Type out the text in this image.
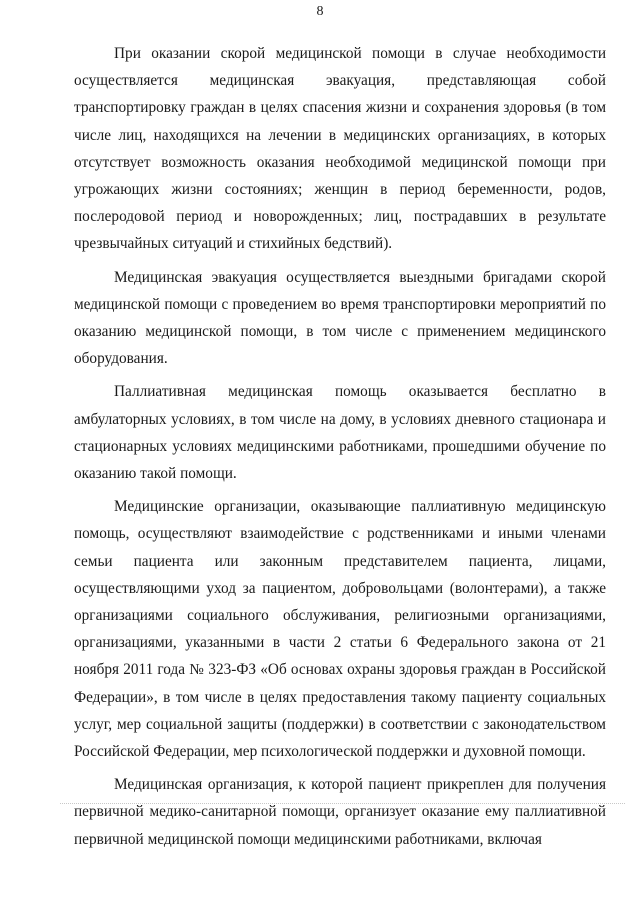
8

При оказании скорой медицинской помощи в случае необходимости осуществляется медицинская эвакуация, представляющая собой транспортировку граждан в целях спасения жизни и сохранения здоровья (в том числе лиц, находящихся на лечении в медицинских организациях, в которых отсутствует возможность оказания необходимой медицинской помощи при угрожающих жизни состояниях; женщин в период беременности, родов, послеродовой период и новорожденных; лиц, пострадавших в результате чрезвычайных ситуаций и стихийных бедствий).

Медицинская эвакуация осуществляется выездными бригадами скорой медицинской помощи с проведением во время транспортировки мероприятий по оказанию медицинской помощи, в том числе с применением медицинского оборудования.

Паллиативная медицинская помощь оказывается бесплатно в амбулаторных условиях, в том числе на дому, в условиях дневного стационара и стационарных условиях медицинскими работниками, прошедшими обучение по оказанию такой помощи.

Медицинские организации, оказывающие паллиативную медицинскую помощь, осуществляют взаимодействие с родственниками и иными членами семьи пациента или законным представителем пациента, лицами, осуществляющими уход за пациентом, добровольцами (волонтерами), а также организациями социального обслуживания, религиозными организациями, организациями, указанными в части 2 статьи 6 Федерального закона от 21 ноября 2011 года № 323-ФЗ «Об основах охраны здоровья граждан в Российской Федерации», в том числе в целях предоставления такому пациенту социальных услуг, мер социальной защиты (поддержки) в соответствии с законодательством Российской Федерации, мер психологической поддержки и духовной помощи.

Медицинская организация, к которой пациент прикреплен для получения первичной медико-санитарной помощи, организует оказание ему паллиативной первичной медицинской помощи медицинскими работниками, включая
